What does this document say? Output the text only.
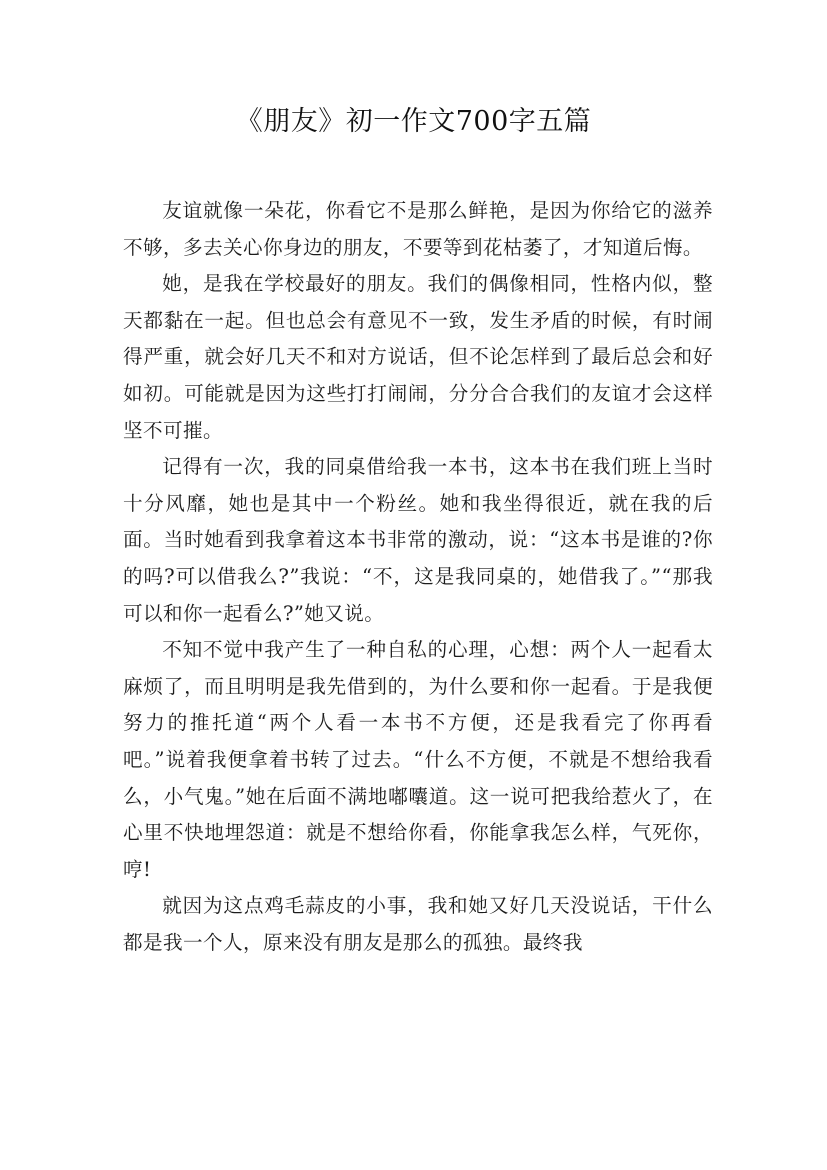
《朋友》初一作文700字五篇

友谊就像一朵花，你看它不是那么鲜艳，是因为你给它的滋养不够，多去关心你身边的朋友，不要等到花枯萎了，才知道后悔。

她，是我在学校最好的朋友。我们的偶像相同，性格内似，整天都黏在一起。但也总会有意见不一致，发生矛盾的时候，有时闹得严重，就会好几天不和对方说话，但不论怎样到了最后总会和好如初。可能就是因为这些打打闹闹，分分合合我们的友谊才会这样坚不可摧。

记得有一次，我的同桌借给我一本书，这本书在我们班上当时十分风靡，她也是其中一个粉丝。她和我坐得很近，就在我的后面。当时她看到我拿着这本书非常的激动，说：“这本书是谁的?你的吗?可以借我么?”我说：“不，这是我同桌的，她借我了。”“那我可以和你一起看么?”她又说。

不知不觉中我产生了一种自私的心理，心想：两个人一起看太麻烦了，而且明明是我先借到的，为什么要和你一起看。于是我便努力的推托道“两个人看一本书不方便，还是我看完了你再看吧。”说着我便拿着书转了过去。“什么不方便，不就是不想给我看么，小气鬼。”她在后面不满地嘟囔道。这一说可把我给惹火了，在心里不快地埋怨道：就是不想给你看，你能拿我怎么样，气死你，哼!

就因为这点鸡毛蒜皮的小事，我和她又好几天没说话，干什么都是我一个人，原来没有朋友是那么的孤独。最终我
